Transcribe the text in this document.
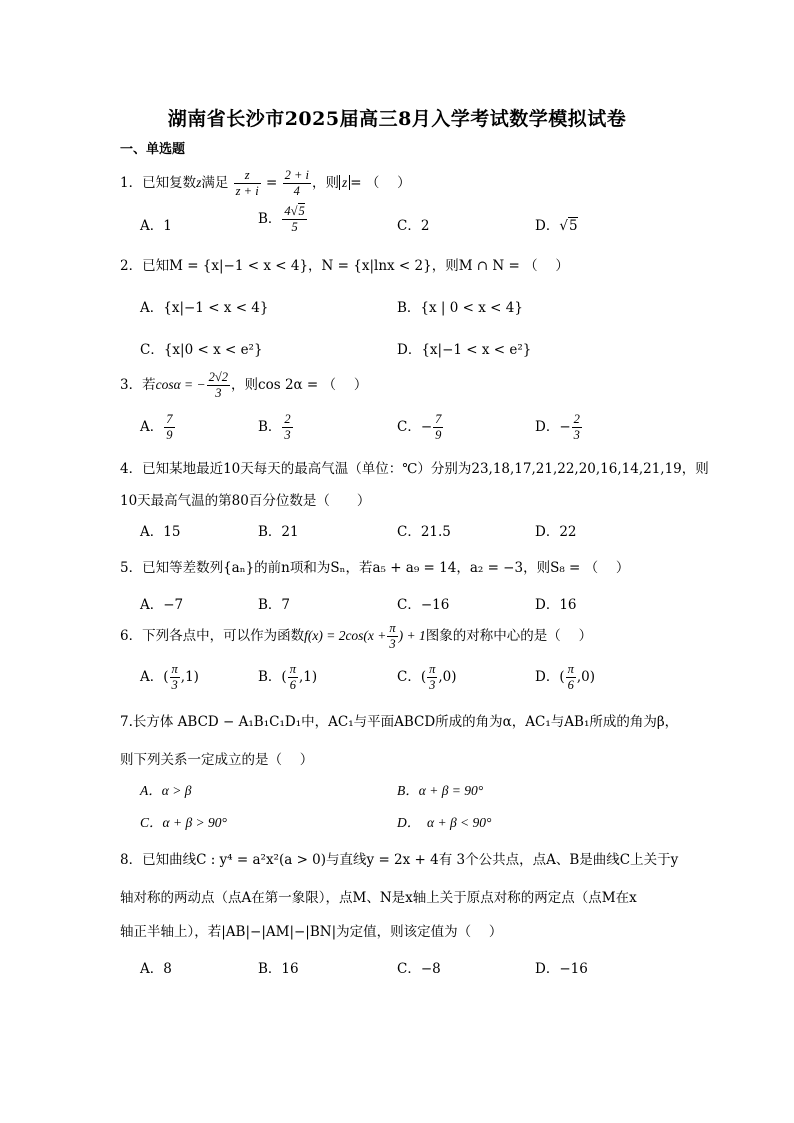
湖南省长沙市2025届高三8月入学考试数学模拟试卷
一、单选题
1．已知复数z满足 $\frac{z}{z + i} = \frac{2 + i}{4}$ ，则 z = （　 ）
A．1	B． $\frac{4√5}{5}$	C．2	D．√5
2．已知M = {x|−1 < x < 4}，N = {x|lnx < 2}，则M ∩ N = （　 ）
A．{x|−1 < x < 4}	B．{x | 0 < x < 4}
C．{x|0 < x < e²}	D．{x|−1 < x < e²}
3．若cosα = − $\frac{2√2}{3}$ ，则cos 2α = （　 ）
A． $\frac{7}{9}$	B． $\frac{2}{3}$	C．− $\frac{7}{9}$	D．− $\frac{2}{3}$
4．已知某地最近10天每天的最高气温（单位：℃）分别为23,18,17,21,22,20,16,14,21,19，则
10天最高气温的第80百分位数是（　　）
A．15	B．21	C．21.5	D．22
5．已知等差数列{aₙ}的前n项和为Sₙ，若a₅ + a₉ = 14，a₂ = −3，则S₈ = （　 ）
A．−7	B．7	C．−16	D．16
6．下列各点中，可以作为函数$f(x) = 2\cos(x + \frac{\pi}{3}$ ) + 1图象的对称中心的是（　 ）
A．( $\frac{\pi}{3} ,1$)	B．( $\frac{\pi}{6} ,1$)	C．( $\frac{\pi}{3} ,0$)	D．( $\frac{\pi}{6} ,0$)
7.长方体 ABCD − A₁B₁C₁D₁中，AC₁与平面ABCD所成的角为α，AC₁与AB₁所成的角为β，
则下列关系一定成立的是（　 ）
A．α > β	B．α + β = 90°
C．α + β > 90°	D．　α + β < 90°
8．已知曲线C : y⁴ = a²x²(a > 0)与直线y = 2x + 4有 3个公共点，点A、B是曲线C上关于y
轴对称的两动点（点A在第一象限），点M、N是x轴上关于原点对称的两定点（点M在x
轴正半轴上），若|AB|−|AM|−|BN|为定值，则该定值为（　 ）
A．8	B．16	C．−8	D．−16
